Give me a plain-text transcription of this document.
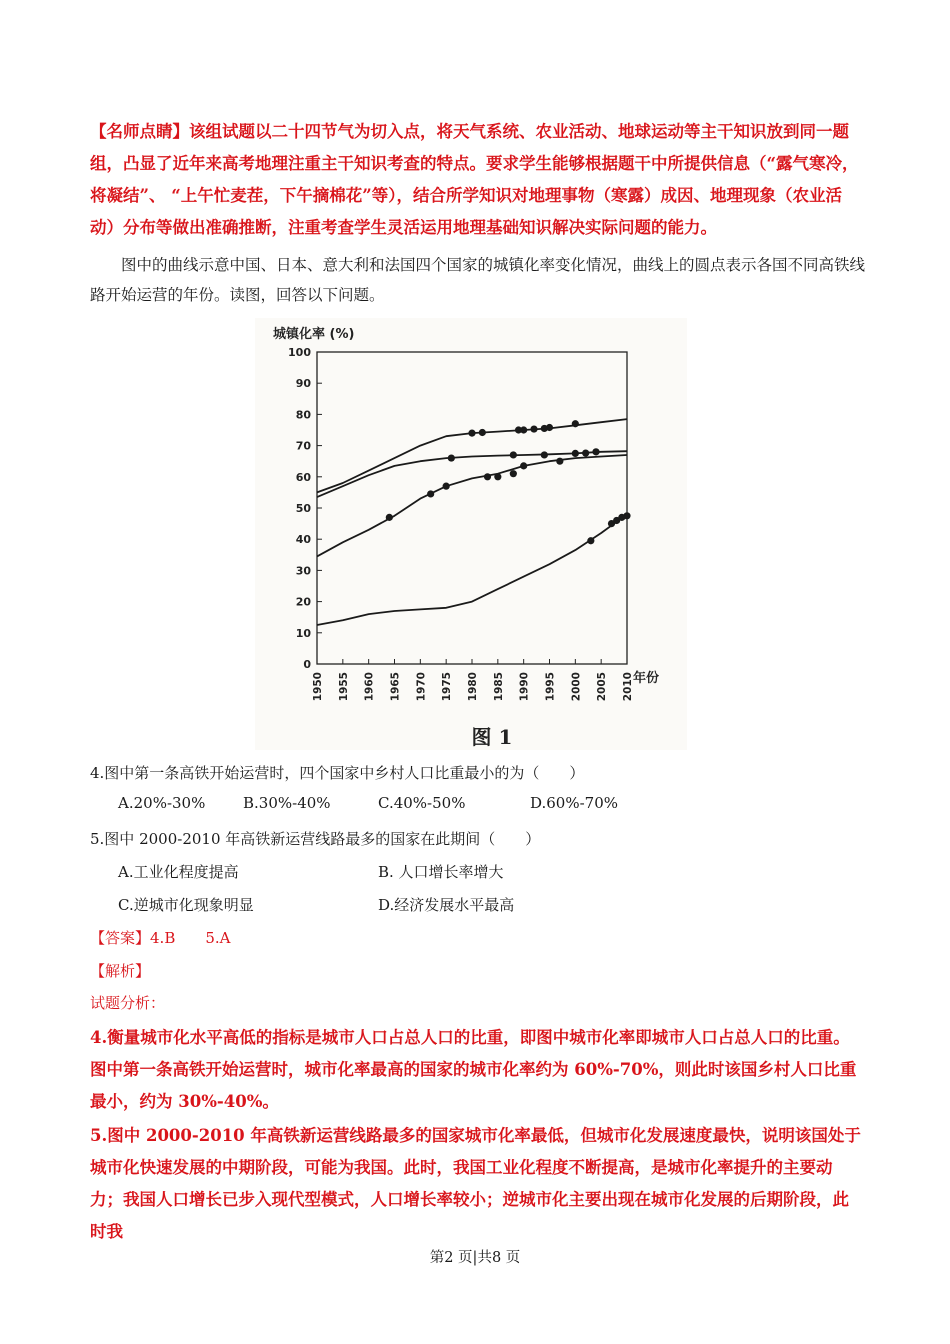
【名师点睛】该组试题以二十四节气为切入点，将天气系统、农业活动、地球运动等主干知识放到同一题组，凸显了近年来高考地理注重主干知识考查的特点。要求学生能够根据题干中所提供信息（“露气寒冷，将凝结”、 “上午忙麦茬，下午摘棉花”等），结合所学知识对地理事物（寒露）成因、地理现象（农业活动）分布等做出准确推断，注重考查学生灵活运用地理基础知识解决实际问题的能力。

图中的曲线示意中国、日本、意大利和法国四个国家的城镇化率变化情况，曲线上的圆点表示各国不同高铁线路开始运营的年份。读图，回答以下问题。

0
10
20
30
40
50
60
70
80
90
100
1950 1955 1960 1965 1970 1975 1980 1985 1990 1995 2000 2005 2010
城镇化率 (%)
年份
图 1

4.图中第一条高铁开始运营时，四个国家中乡村人口比重最小的为（　　）

A.20%-30%	B.30%-40%	C.40%-50%	D.60%-70%

5.图中 2000-2010 年高铁新运营线路最多的国家在此期间（　　）

A.工业化程度提高	B. 人口增长率增大

C.逆城市化现象明显	D.经济发展水平最高

【答案】4.B　　5.A

【解析】

试题分析：

4.衡量城市化水平高低的指标是城市人口占总人口的比重，即图中城市化率即城市人口占总人口的比重。图中第一条高铁开始运营时，城市化率最高的国家的城市化率约为 60%-70%，则此时该国乡村人口比重最小，约为 30%-40%。

5.图中 2000-2010 年高铁新运营线路最多的国家城市化率最低，但城市化发展速度最快，说明该国处于城市化快速发展的中期阶段，可能为我国。此时，我国工业化程度不断提高，是城市化率提升的主要动力；我国人口增长已步入现代型模式，人口增长率较小；逆城市化主要出现在城市化发展的后期阶段，此时我

第2 页|共8 页
